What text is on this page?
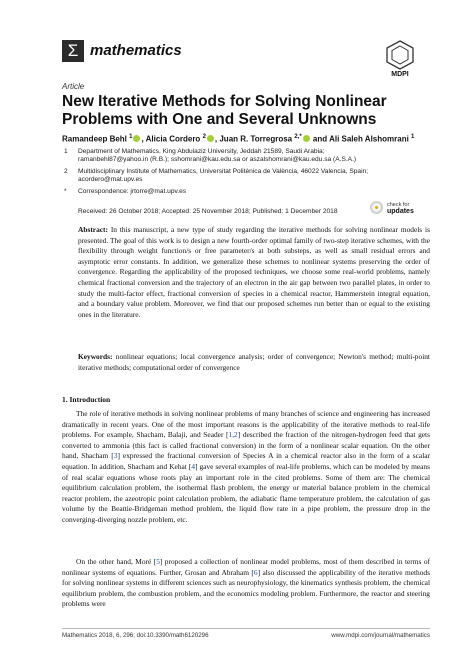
Σ mathematics
MDPI
Article
New Iterative Methods for Solving Nonlinear Problems with One and Several Unknowns
Ramandeep Behl $^1$ , Alicia Cordero $^2$ , Juan R. Torregrosa $^{2,*}$ and Ali Saleh Alshomrani $^1$
1 Department of Mathematics, King Abdulaziz University, Jeddah 21589, Saudi Arabia;
ramanbehl87@yahoo.in (R.B.); sshomrani@kau.edu.sa or aszalshomrani@kau.edu.sa (A.S.A.)
2 Multidisciplinary Institute of Mathematics, Universitat Politènica de València, 46022 Valencia, Spain;
acordero@mat.upv.es
* Correspondence: jrtorre@mat.upv.es
Received: 26 October 2018; Accepted: 25 November 2018; Published: 1 December 2018
check for
updates
Abstract: In this manuscript, a new type of study regarding the iterative methods for solving nonlinear models is presented. The goal of this work is to design a new fourth-order optimal family of two-step iterative schemes, with the flexibility through weight function/s or free parameter/s at both substeps, as well as small residual errors and asymptotic error constants. In addition, we generalize these schemes to nonlinear systems preserving the order of convergence. Regarding the applicability of the proposed techniques, we choose some real-world problems, namely chemical fractional conversion and the trajectory of an electron in the air gap between two parallel plates, in order to study the multi-factor effect, fractional conversion of species in a chemical reactor, Hammerstein integral equation, and a boundary value problem. Moreover, we find that our proposed schemes run better than or equal to the existing ones in the literature.
Keywords: nonlinear equations; local convergence analysis; order of convergence; Newton's method; multi-point iterative methods; computational order of convergence
1. Introduction
The role of iterative methods in solving nonlinear problems of many branches of science and engineering has increased dramatically in recent years. One of the most important reasons is the applicability of the iterative methods to real-life problems. For example, Shacham, Balaji, and Seader [1,2] described the fraction of the nitrogen-hydrogen feed that gets converted to ammonia (this fact is called fractional conversion) in the form of a nonlinear scalar equation. On the other hand, Shacham [3] expressed the fractional conversion of Species A in a chemical reactor also in the form of a scalar equation. In addition, Shacham and Kehat [4] gave several examples of real-life problems, which can be modeled by means of real scalar equations whose roots play an important role in the cited problems. Some of them are: The chemical equilibrium calculation problem, the isothermal flash problem, the energy or material balance problem in the chemical reactor problem, the azeotropic point calculation problem, the adiabatic flame temperature problem, the calculation of gas volume by the Beattie-Bridgeman method problem, the liquid flow rate in a pipe problem, the pressure drop in the converging-diverging nozzle problem, etc.
On the other hand, Moré [5] proposed a collection of nonlinear model problems, most of them described in terms of nonlinear systems of equations. Further, Grosan and Abraham [6] also discussed the applicability of the iterative methods for solving nonlinear systems in different sciences such as neurophysiology, the kinematics synthesis problem, the chemical equilibrium problem, the combustion problem, and the economics modeling problem. Furthermore, the reactor and steering problems were
Mathematics 2018, 6, 296; doi:10.3390/math6120296	www.mdpi.com/journal/mathematics
